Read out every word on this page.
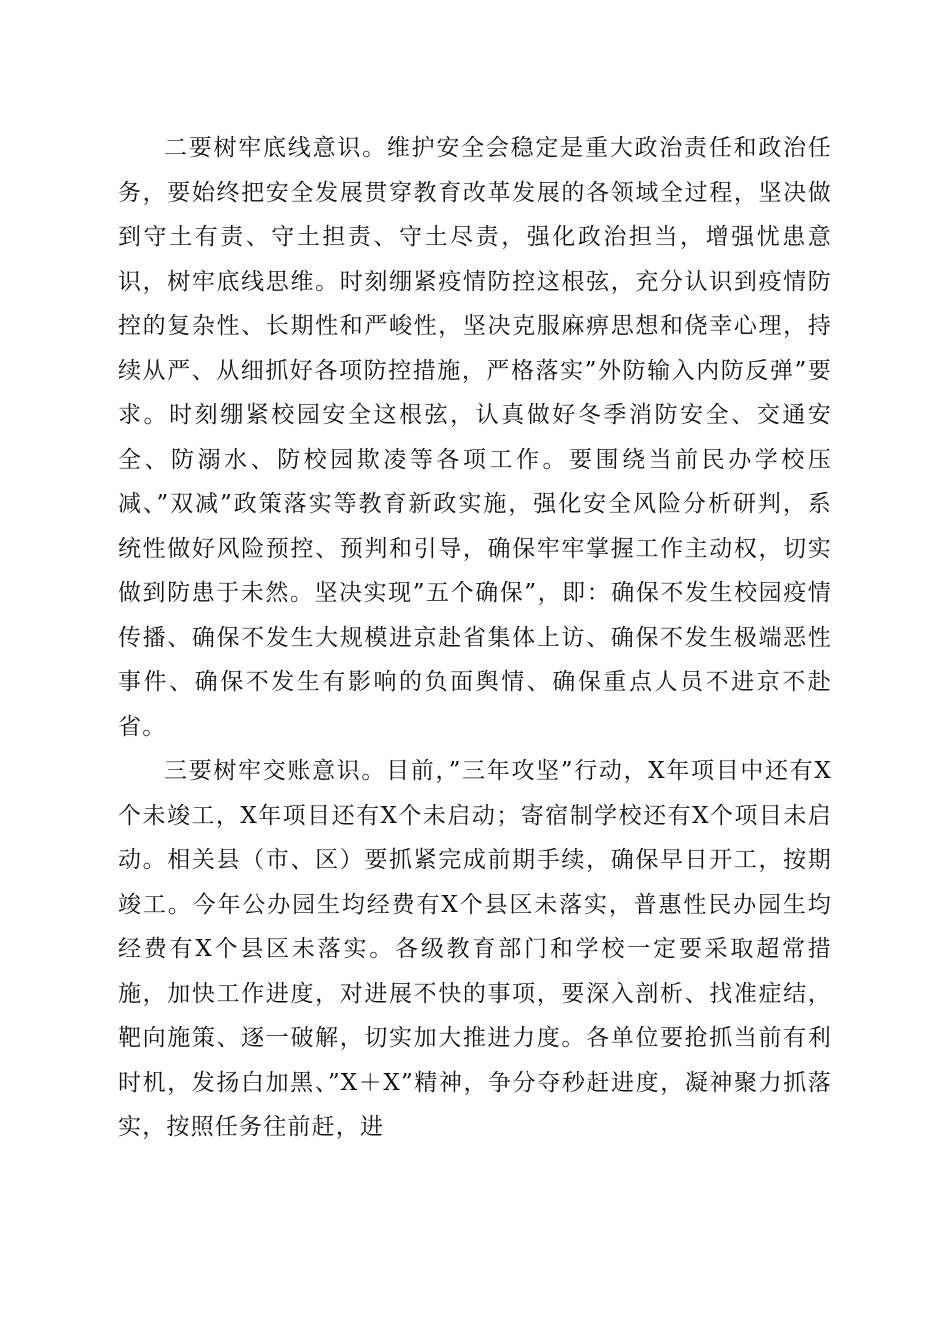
二要树牢底线意识。维护安全会稳定是重大政治责任和政治任务，要始终把安全发展贯穿教育改革发展的各领域全过程，坚决做到守土有责、守土担责、守土尽责，强化政治担当，增强忧患意识，树牢底线思维。时刻绷紧疫情防控这根弦，充分认识到疫情防控的复杂性、长期性和严峻性，坚决克服麻痹思想和侥幸心理，持续从严、从细抓好各项防控措施，严格落实”外防输入内防反弹”要求。时刻绷紧校园安全这根弦，认真做好冬季消防安全、交通安全、防溺水、防校园欺凌等各项工作。要围绕当前民办学校压减、”双减”政策落实等教育新政实施，强化安全风险分析研判，系统性做好风险预控、预判和引导，确保牢牢掌握工作主动权，切实做到防患于未然。坚决实现”五个确保”，即：确保不发生校园疫情传播、确保不发生大规模进京赴省集体上访、确保不发生极端恶性事件、确保不发生有影响的负面舆情、确保重点人员不进京不赴省。

三要树牢交账意识。目前，”三年攻坚”行动，X年项目中还有X个未竣工，X年项目还有X个未启动；寄宿制学校还有X个项目未启动。相关县（市、区）要抓紧完成前期手续，确保早日开工，按期竣工。今年公办园生均经费有X个县区未落实，普惠性民办园生均经费有X个县区未落实。各级教育部门和学校一定要采取超常措施，加快工作进度，对进展不快的事项，要深入剖析、找准症结，靶向施策、逐一破解，切实加大推进力度。各单位要抢抓当前有利时机，发扬白加黑、”X＋X”精神，争分夺秒赶进度，凝神聚力抓落实，按照任务往前赶，进
